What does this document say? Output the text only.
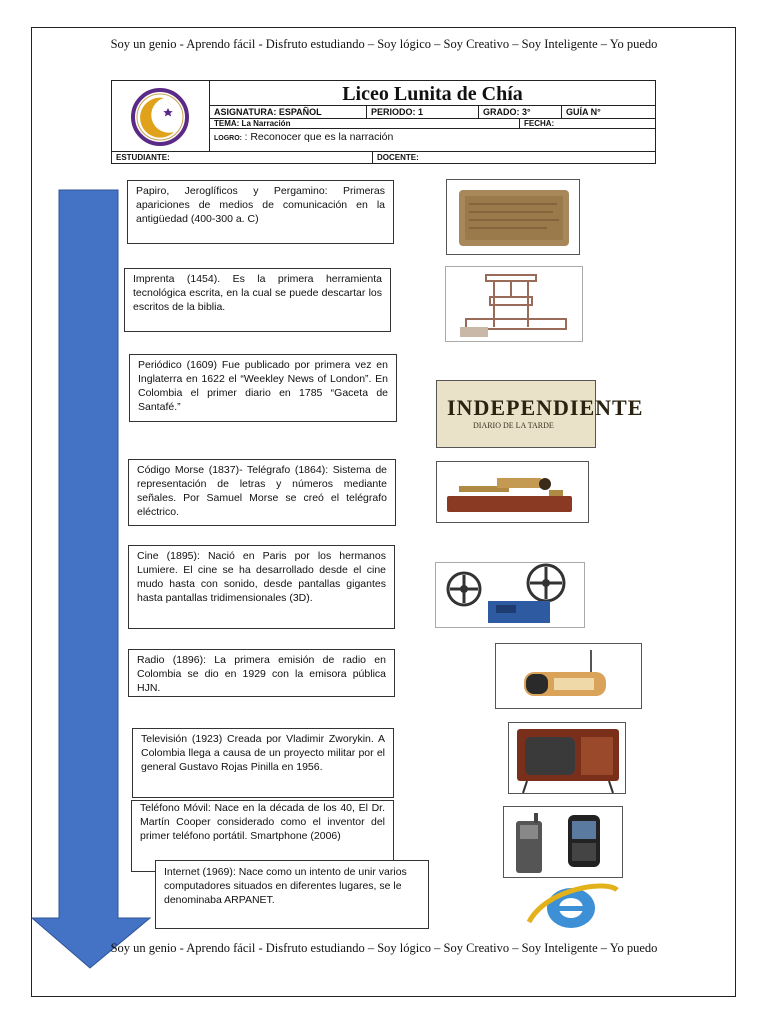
Soy un genio - Aprendo fácil - Disfruto estudiando – Soy lógico – Soy Creativo – Soy Inteligente – Yo puedo
Liceo Lunita de Chía
ASIGNATURA: ESPAÑOL	PERIODO: 1	GRADO: 3°	GUÍA N°
TEMA: La Narración	FECHA:
LOGRO: : Reconocer que es la narración
ESTUDIANTE:	DOCENTE:
Papiro, Jeroglíficos y Pergamino: Primeras apariciones de medios de comunicación en la antigüedad (400-300 a. C)
Imprenta (1454). Es la primera herramienta tecnológica escrita, en la cual se puede descartar los escritos de la biblia.
Periódico (1609) Fue publicado por primera vez en Inglaterra en 1622 el “Weekley News of London”. En Colombia el primer diario en 1785 “Gaceta de Santafé.”
Código Morse (1837)- Telégrafo (1864): Sistema de representación de letras y números mediante señales. Por Samuel Morse se creó el telégrafo eléctrico.
Cine (1895): Nació en Paris por los hermanos Lumiere. El cine se ha desarrollado desde el cine mudo hasta con sonido, desde pantallas gigantes hasta pantallas tridimensionales (3D).
Radio (1896): La primera emisión de radio en Colombia se dio en 1929 con la emisora pública HJN.
Televisión (1923) Creada por Vladimir Zworykin. A Colombia llega a causa de un proyecto militar por el general Gustavo Rojas Pinilla en 1956.
Teléfono Móvil: Nace en la década de los 40, El Dr. Martín Cooper considerado como el inventor del primer teléfono portátil. Smartphone (2006)
Internet (1969): Nace como un intento de unir varios computadores situados en diferentes lugares, se le denominaba ARPANET.
INDEPENDIENTE
DIARIO DE LA TARDE
Soy un genio - Aprendo fácil - Disfruto estudiando – Soy lógico – Soy Creativo – Soy Inteligente – Yo puedo
